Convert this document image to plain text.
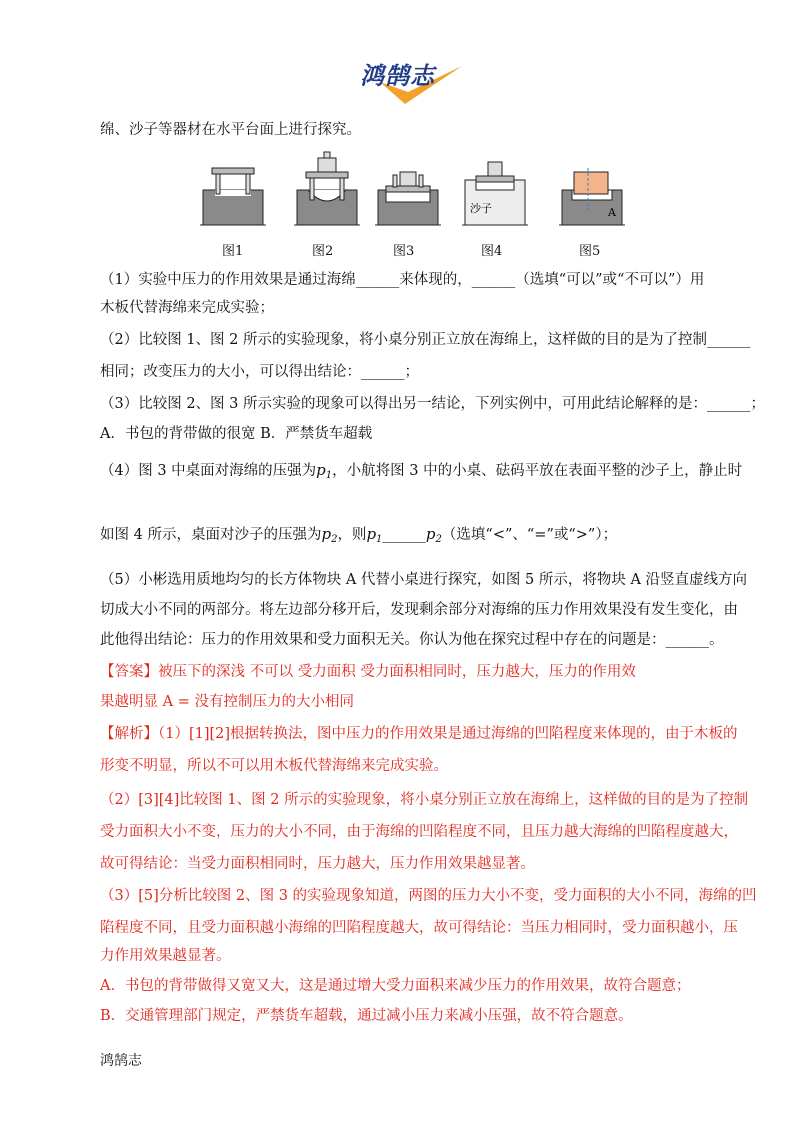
鸿鹄志
绵、沙子等器材在水平台面上进行探究。
沙子	A
图1	图2	图3	图4	图5
（1）实验中压力的作用效果是通过海绵______来体现的，______（选填“可以”或“不可以”）用
木板代替海绵来完成实验；
（2）比较图 1、图 2 所示的实验现象，将小桌分别正立放在海绵上，这样做的目的是为了控制______
相同；改变压力的大小，可以得出结论：______；
（3）比较图 2、图 3 所示实验的现象可以得出另一结论，下列实例中，可用此结论解释的是：______；
A．书包的背带做的很宽 B．严禁货车超载
（4）图 3 中桌面对海绵的压强为$p_1$，小航将图 3 中的小桌、砝码平放在表面平整的沙子上，静止时
如图 4 所示，桌面对沙子的压强为$p_2$，则$p_1\_\_\_\_\_\_p_2$（选填“<”、“=”或“>”）；
（5）小彬选用质地均匀的长方体物块 A 代替小桌进行探究，如图 5 所示，将物块 A 沿竖直虚线方向
切成大小不同的两部分。将左边部分移开后，发现剩余部分对海绵的压力作用效果没有发生变化，由
此他得出结论：压力的作用效果和受力面积无关。你认为他在探究过程中存在的问题是：______。
【答案】被压下的深浅 不可以 受力面积 受力面积相同时，压力越大，压力的作用效
果越明显 A = 没有控制压力的大小相同
【解析】（1）[1][2]根据转换法，图中压力的作用效果是通过海绵的凹陷程度来体现的，由于木板的
形变不明显，所以不可以用木板代替海绵来完成实验。
（2）[3][4]比较图 1、图 2 所示的实验现象，将小桌分别正立放在海绵上，这样做的目的是为了控制
受力面积大小不变，压力的大小不同，由于海绵的凹陷程度不同，且压力越大海绵的凹陷程度越大，
故可得结论：当受力面积相同时，压力越大，压力作用效果越显著。
（3）[5]分析比较图 2、图 3 的实验现象知道，两图的压力大小不变，受力面积的大小不同，海绵的凹
陷程度不同，且受力面积越小海绵的凹陷程度越大，故可得结论：当压力相同时，受力面积越小，压
力作用效果越显著。
A．书包的背带做得又宽又大，这是通过增大受力面积来减少压力的作用效果，故符合题意；
B．交通管理部门规定，严禁货车超载，通过减小压力来减小压强，故不符合题意。
鸿鹄志
